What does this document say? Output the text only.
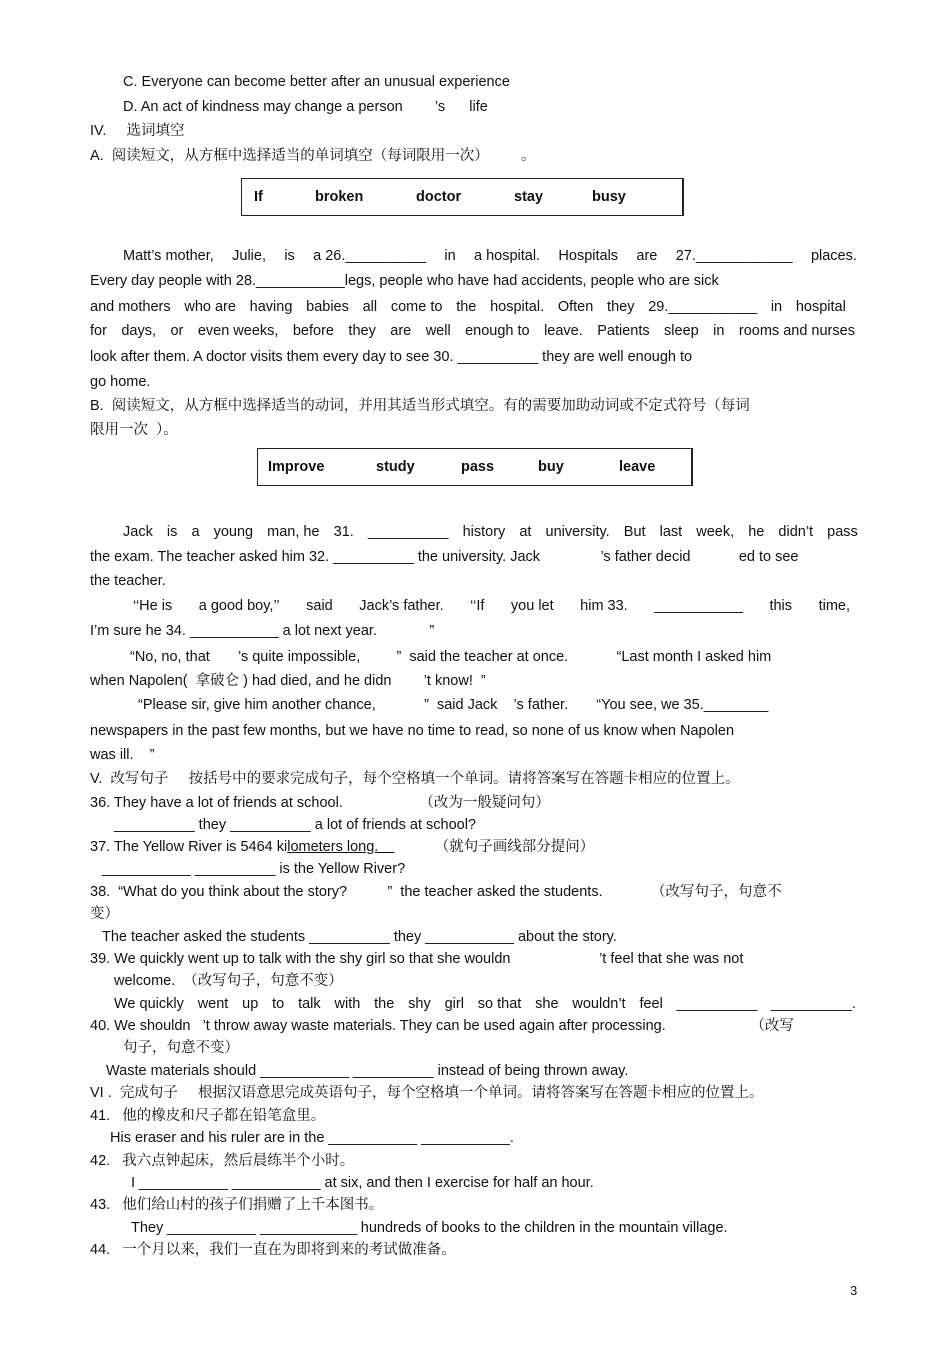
C. Everyone can become better after an unusual experience
D. An act of kindness may change a person        ’s      life
IV.     选词填空
A.  阅读短文，从方框中选择适当的单词填空（每词限用一次）        。
If	broken	doctor	stay	busy
Matt’s mother, Julie, is a 26.__________ in a hospital. Hospitals are 27.____________ places.
Every day people with 28.___________legs, people who have had accidents, people who are sick
and mothers who are having babies all come to the hospital. Often they 29.___________ in hospital
for days, or even weeks, before they are well enough to leave. Patients sleep in rooms and nurses
look after them. A doctor visits them every day to see 30. __________ they are well enough to
go home.
B.  阅读短文，从方框中选择适当的动词，并用其适当形式填空。有的需要加助动词或不定式符号（每词
限用一次  ）。
Improve	study	pass	buy	leave
Jack is a young man, he 31. __________ history at university. But last week, he didn’t pass
the exam. The teacher asked him 32. __________ the university. Jack               ’s father decid            ed to see
the teacher.
‘‘He is a good boy,’’ said Jack’s father. ‘‘If you let him 33. ___________ this time,
I’m sure he 34. ___________ a lot next year.             ”
“No, no, that       ’s quite impossible,         ”  said the teacher at once.            “Last month I asked him
when Napolen(  拿破仑 ) had died, and he didn        ’t know!  ”
“Please sir, give him another chance,            ”  said Jack    ’s father.       “You see, we 35.________
newspapers in the past few months, but we have no time to read, so none of us know when Napolen
was ill.    ”
V.  改写句子     按括号中的要求完成句子，每个空格填一个单词。请将答案写在答题卡相应的位置上。
36. They have a lot of friends at school.                   （改为一般疑问句）
__________ they __________ a lot of friends at school?
37. The Yellow River is 5464 kilometers long.              （就句子画线部分提问）
___________ __________ is the Yellow River?
38.  “What do you think about the story?          ”  the teacher asked the students.            （改写句子，句意不
变）
The teacher asked the students __________ they ___________ about the story.
39. We quickly went up to talk with the shy girl so that she wouldn                      ’t feel that she was not
welcome.  （改写句子，句意不变）
We quickly went up to talk with the shy girl so that she wouldn’t feel __________ __________.
40. We shouldn   ’t throw away waste materials. They can be used again after processing.                     （改写
句子，句意不变）
Waste materials should ___________ __________ instead of being thrown away.
VI .  完成句子     根据汉语意思完成英语句子，每个空格填一个单词。请将答案写在答题卡相应的位置上。
41.   他的橡皮和尺子都在铅笔盒里。
His eraser and his ruler are in the ___________ ___________.
42.   我六点钟起床，然后晨练半个小时。
I ___________ ___________ at six, and then I exercise for half an hour.
43.   他们给山村的孩子们捐赠了上千本图书。
They ___________ ____________ hundreds of books to the children in the mountain village.
44.   一个月以来，我们一直在为即将到来的考试做准备。
3
